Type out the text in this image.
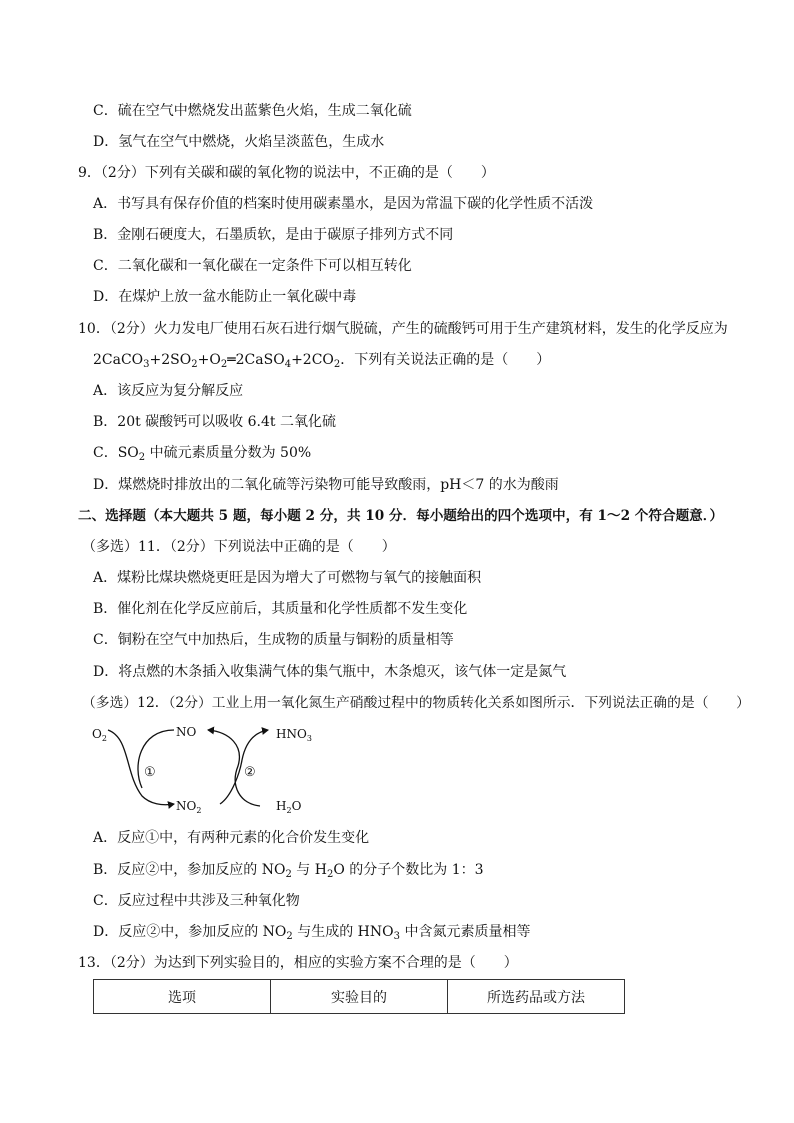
C．硫在空气中燃烧发出蓝紫色火焰，生成二氧化硫
D．氢气在空气中燃烧，火焰呈淡蓝色，生成水
9．（2分）下列有关碳和碳的氧化物的说法中，不正确的是（　　）
A．书写具有保存价值的档案时使用碳素墨水，是因为常温下碳的化学性质不活泼
B．金刚石硬度大，石墨质软，是由于碳原子排列方式不同
C．二氧化碳和一氧化碳在一定条件下可以相互转化
D．在煤炉上放一盆水能防止一氧化碳中毒
10．（2分）火力发电厂使用石灰石进行烟气脱硫，产生的硫酸钙可用于生产建筑材料，发生的化学反应为
$2CaCO_3+2SO_2+O_2═2CaSO_4+2CO_2$．下列有关说法正确的是（　　）
A．该反应为复分解反应
B．20t 碳酸钙可以吸收 6.4t 二氧化硫
C．$SO_2$ 中硫元素质量分数为 50%
D．煤燃烧时排放出的二氧化硫等污染物可能导致酸雨，pH＜7 的水为酸雨
二、选择题（本大题共 5 题，每小题 2 分，共 10 分．每小题给出的四个选项中，有 1～2 个符合题意．）
（多选）11．（2分）下列说法中正确的是（　　）
A．煤粉比煤块燃烧更旺是因为增大了可燃物与氧气的接触面积
B．催化剂在化学反应前后，其质量和化学性质都不发生变化
C．铜粉在空气中加热后，生成物的质量与铜粉的质量相等
D．将点燃的木条插入收集满气体的集气瓶中，木条熄灭，该气体一定是氮气
（多选）12．（2分）工业上用一氧化氮生产硝酸过程中的物质转化关系如图所示．下列说法正确的是（　　）
$O_2$	NO	$HNO_3$
$NO_2$	$H_2O$
①	②
A．反应①中，有两种元素的化合价发生变化
B．反应②中，参加反应的 $NO_2$ 与 $H_2O$ 的分子个数比为 1：3
C．反应过程中共涉及三种氧化物
D．反应②中，参加反应的 $NO_2$ 与生成的 $HNO_3$ 中含氮元素质量相等
13．（2分）为达到下列实验目的，相应的实验方案不合理的是（　　）
选项	实验目的	所选药品或方法
